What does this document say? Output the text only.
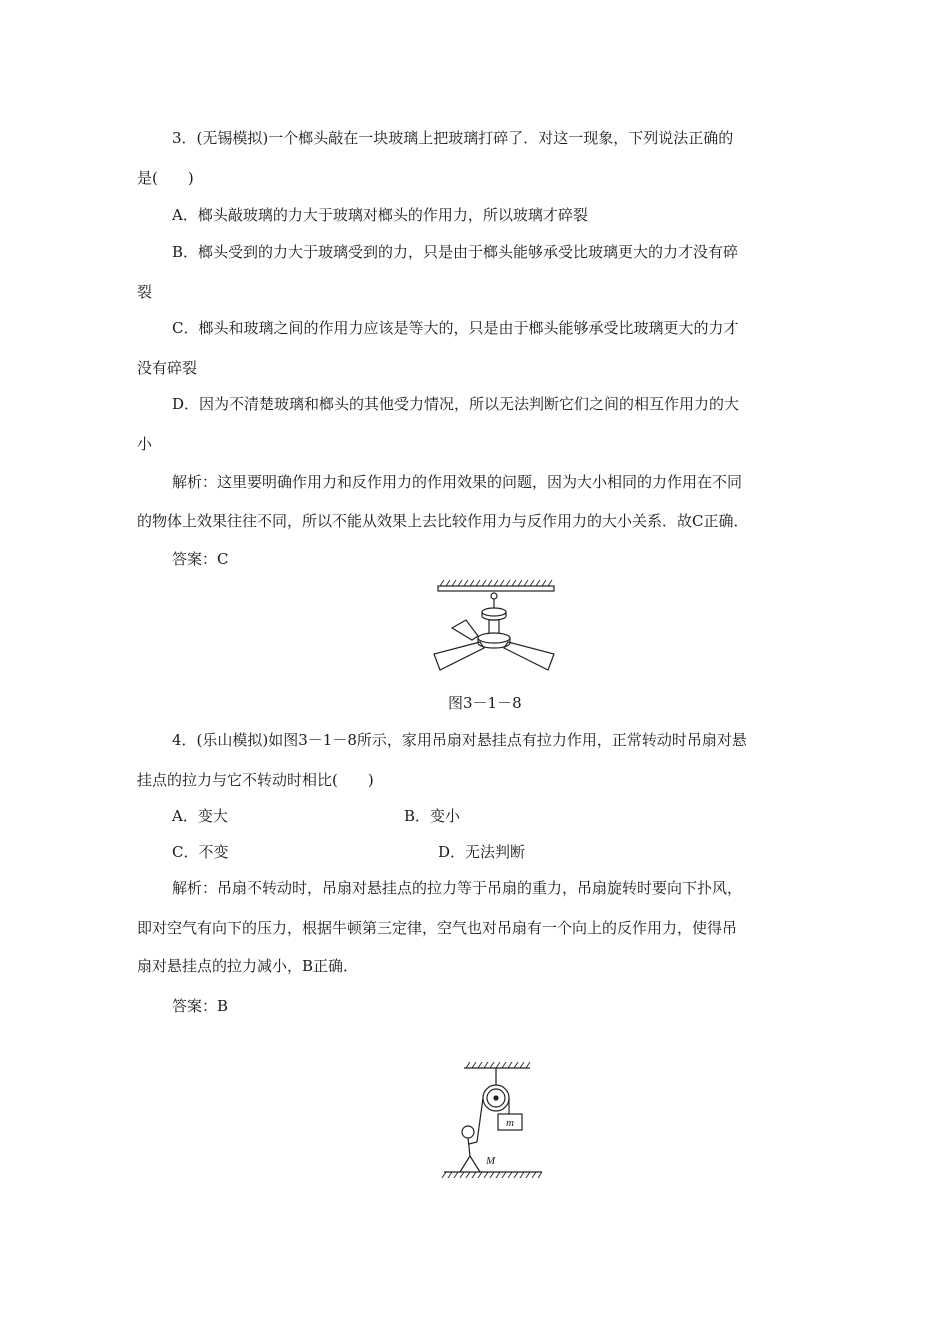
3．(无锡模拟)一个榔头敲在一块玻璃上把玻璃打碎了．对这一现象，下列说法正确的
是(　　)
A．榔头敲玻璃的力大于玻璃对榔头的作用力，所以玻璃才碎裂
B．榔头受到的力大于玻璃受到的力，只是由于榔头能够承受比玻璃更大的力才没有碎
裂
C．榔头和玻璃之间的作用力应该是等大的，只是由于榔头能够承受比玻璃更大的力才
没有碎裂
D．因为不清楚玻璃和榔头的其他受力情况，所以无法判断它们之间的相互作用力的大
小
解析：这里要明确作用力和反作用力的作用效果的问题，因为大小相同的力作用在不同
的物体上效果往往不同，所以不能从效果上去比较作用力与反作用力的大小关系．故C正确．
答案：C
图3－1－8
4．(乐山模拟)如图3－1－8所示，家用吊扇对悬挂点有拉力作用，正常转动时吊扇对悬
挂点的拉力与它不转动时相比(　　)
A．变大	B．变小
C．不变	D．无法判断
解析：吊扇不转动时，吊扇对悬挂点的拉力等于吊扇的重力，吊扇旋转时要向下扑风，
即对空气有向下的压力，根据牛顿第三定律，空气也对吊扇有一个向上的反作用力，使得吊
扇对悬挂点的拉力减小，B正确．
答案：B
m
M
